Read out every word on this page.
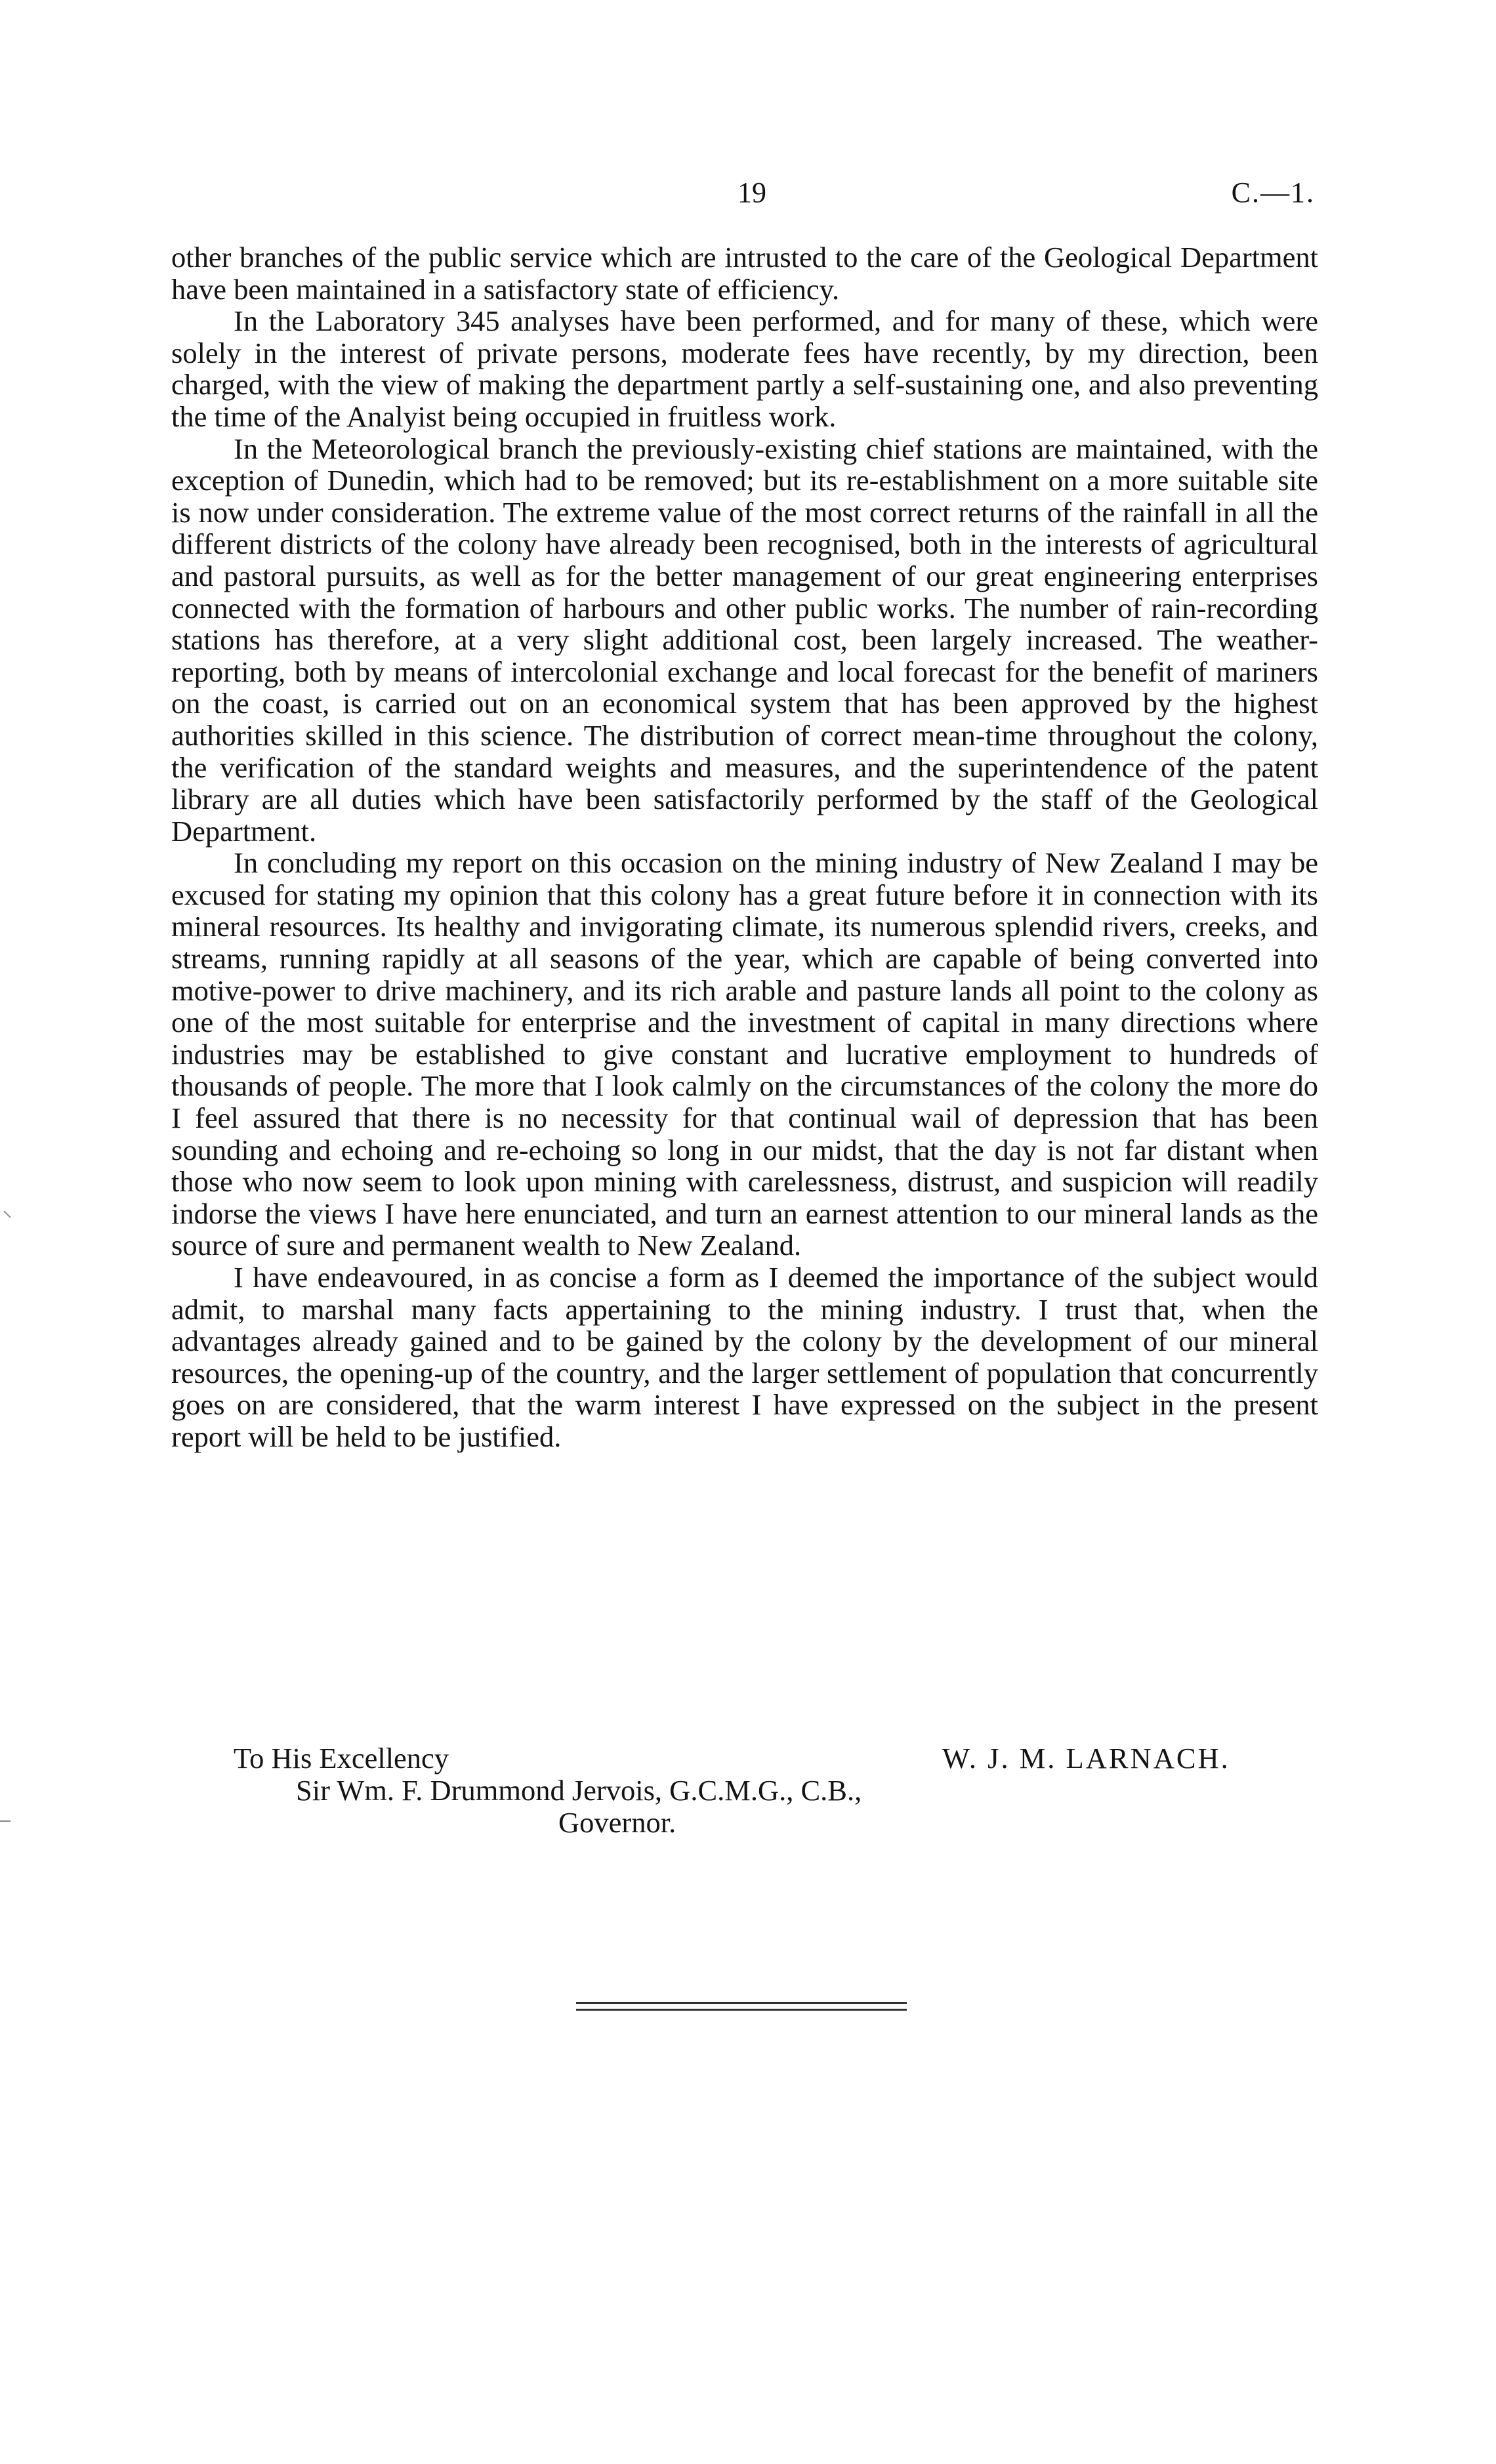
19	C.—1.

other branches of the public service which are intrusted to the care of the Geological Department have been maintained in a satisfactory state of efficiency.

In the Laboratory 345 analyses have been performed, and for many of these, which were solely in the interest of private persons, moderate fees have recently, by my direction, been charged, with the view of making the department partly a self-sustaining one, and also preventing the time of the Analyist being occupied in fruitless work.

In the Meteorological branch the previously-existing chief stations are maintained, with the exception of Dunedin, which had to be removed; but its re-establishment on a more suitable site is now under consideration. The extreme value of the most correct returns of the rainfall in all the different districts of the colony have already been recognised, both in the interests of agricultural and pastoral pursuits, as well as for the better management of our great engineering enterprises connected with the formation of harbours and other public works. The number of rain-recording stations has therefore, at a very slight additional cost, been largely increased. The weather-reporting, both by means of intercolonial exchange and local forecast for the benefit of mariners on the coast, is carried out on an economical system that has been approved by the highest authorities skilled in this science. The distribution of correct mean-time throughout the colony, the verification of the standard weights and measures, and the superintendence of the patent library are all duties which have been satisfactorily performed by the staff of the Geological Department.

In concluding my report on this occasion on the mining industry of New Zealand I may be excused for stating my opinion that this colony has a great future before it in connection with its mineral resources. Its healthy and invigorating climate, its numerous splendid rivers, creeks, and streams, running rapidly at all seasons of the year, which are capable of being converted into motive-power to drive machinery, and its rich arable and pasture lands all point to the colony as one of the most suitable for enterprise and the investment of capital in many directions where industries may be established to give constant and lucrative employment to hundreds of thousands of people. The more that I look calmly on the circumstances of the colony the more do I feel assured that there is no necessity for that continual wail of depression that has been sounding and echoing and re-echoing so long in our midst, that the day is not far distant when those who now seem to look upon mining with carelessness, distrust, and suspicion will readily indorse the views I have here enunciated, and turn an earnest attention to our mineral lands as the source of sure and permanent wealth to New Zealand.

I have endeavoured, in as concise a form as I deemed the importance of the subject would admit, to marshal many facts appertaining to the mining industry. I trust that, when the advantages already gained and to be gained by the colony by the development of our mineral resources, the opening-up of the country, and the larger settlement of population that concurrently goes on are considered, that the warm interest I have expressed on the subject in the present report will be held to be justified.

To His Excellency
Sir Wm. F. Drummond Jervois, G.C.M.G., C.B.,
Governor.
W. J. M. LARNACH.
